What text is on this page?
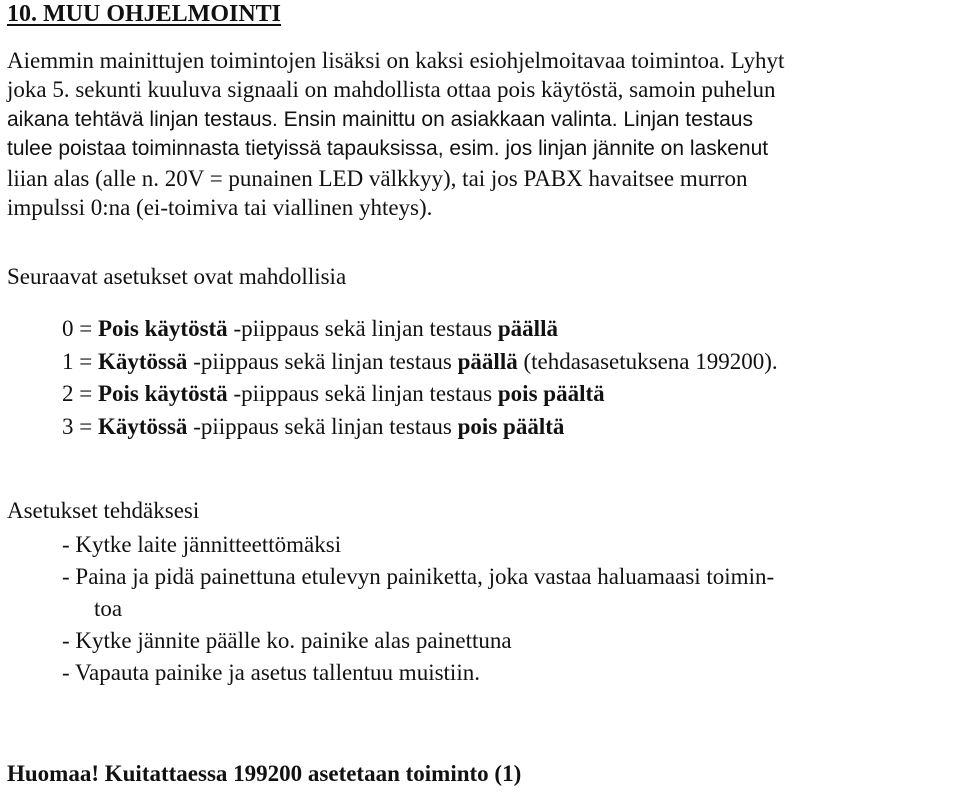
10. MUU OHJELMOINTI
Aiemmin mainittujen toimintojen lisäksi on kaksi esiohjelmoitavaa toimintoa. Lyhyt
joka 5. sekunti kuuluva signaali on mahdollista ottaa pois käytöstä, samoin puhelun
aikana tehtävä linjan testaus. Ensin mainittu on asiakkaan valinta. Linjan testaus
tulee poistaa toiminnasta tietyissä tapauksissa, esim. jos linjan jännite on laskenut
liian alas (alle n. 20V = punainen LED välkkyy), tai jos PABX havaitsee murron
impulssi 0:na (ei-toimiva tai viallinen yhteys).
Seuraavat asetukset ovat mahdollisia
0 = Pois käytöstä -piippaus sekä linjan testaus päällä
1 = Käytössä -piippaus sekä linjan testaus päällä (tehdasasetuksena 199200).
2 = Pois käytöstä -piippaus sekä linjan testaus pois päältä
3 = Käytössä -piippaus sekä linjan testaus pois päältä
Asetukset tehdäksesi
- Kytke laite jännitteettömäksi
- Paina ja pidä painettuna etulevyn painiketta, joka vastaa haluamaasi toimin-
toa
- Kytke jännite päälle ko. painike alas painettuna
- Vapauta painike ja asetus tallentuu muistiin.
Huomaa! Kuitattaessa 199200 asetetaan toiminto (1)
